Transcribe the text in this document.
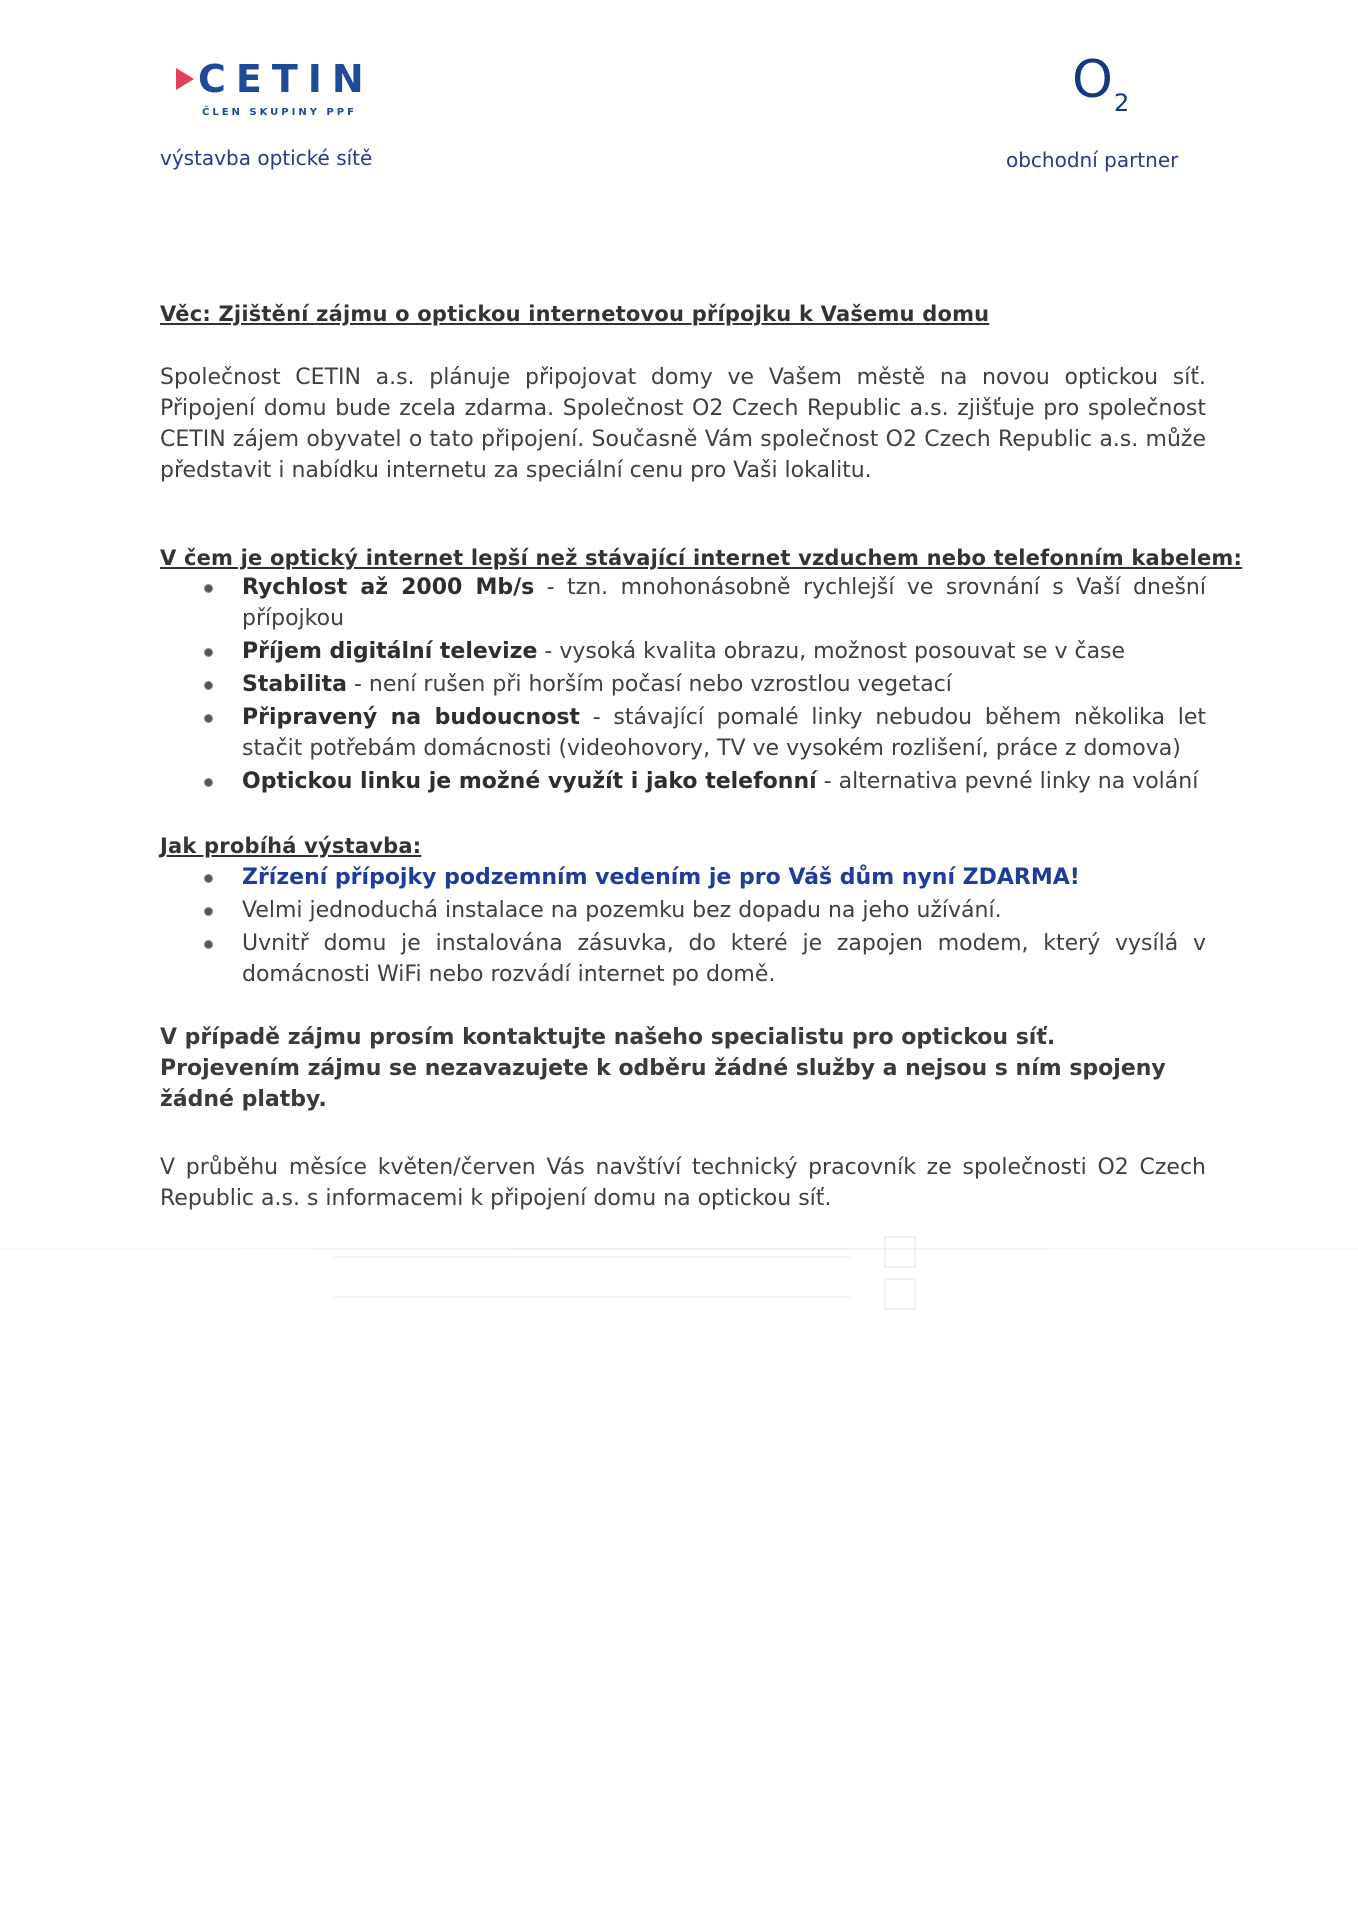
CETIN
ČLEN SKUPINY PPF
O2
výstavba optické sítě	obchodní partner
Věc: Zjištění zájmu o optickou internetovou přípojku k Vašemu domu
Společnost CETIN a.s. plánuje připojovat domy ve Vašem městě na novou optickou síť. Připojení domu bude zcela zdarma. Společnost O2 Czech Republic a.s. zjišťuje pro společnost CETIN zájem obyvatel o tato připojení. Současně Vám společnost O2 Czech Republic a.s. může představit i nabídku internetu za speciální cenu pro Vaši lokalitu.
V čem je optický internet lepší než stávající internet vzduchem nebo telefonním kabelem:
Rychlost až 2000 Mb/s - tzn. mnohonásobně rychlejší ve srovnání s Vaší dnešní přípojkou
Příjem digitální televize - vysoká kvalita obrazu, možnost posouvat se v čase
Stabilita - není rušen při horším počasí nebo vzrostlou vegetací
Připravený na budoucnost - stávající pomalé linky nebudou během několika let stačit potřebám domácnosti (videohovory, TV ve vysokém rozlišení, práce z domova)
Optickou linku je možné využít i jako telefonní - alternativa pevné linky na volání
Jak probíhá výstavba:
Zřízení přípojky podzemním vedením je pro Váš dům nyní ZDARMA!
Velmi jednoduchá instalace na pozemku bez dopadu na jeho užívání.
Uvnitř domu je instalována zásuvka, do které je zapojen modem, který vysílá v domácnosti WiFi nebo rozvádí internet po domě.
V případě zájmu prosím kontaktujte našeho specialistu pro optickou síť.
Projevením zájmu se nezavazujete k odběru žádné služby a nejsou s ním spojeny žádné platby.
V průběhu měsíce květen/červen Vás navštíví technický pracovník ze společnosti O2 Czech Republic a.s. s informacemi k připojení domu na optickou síť.
